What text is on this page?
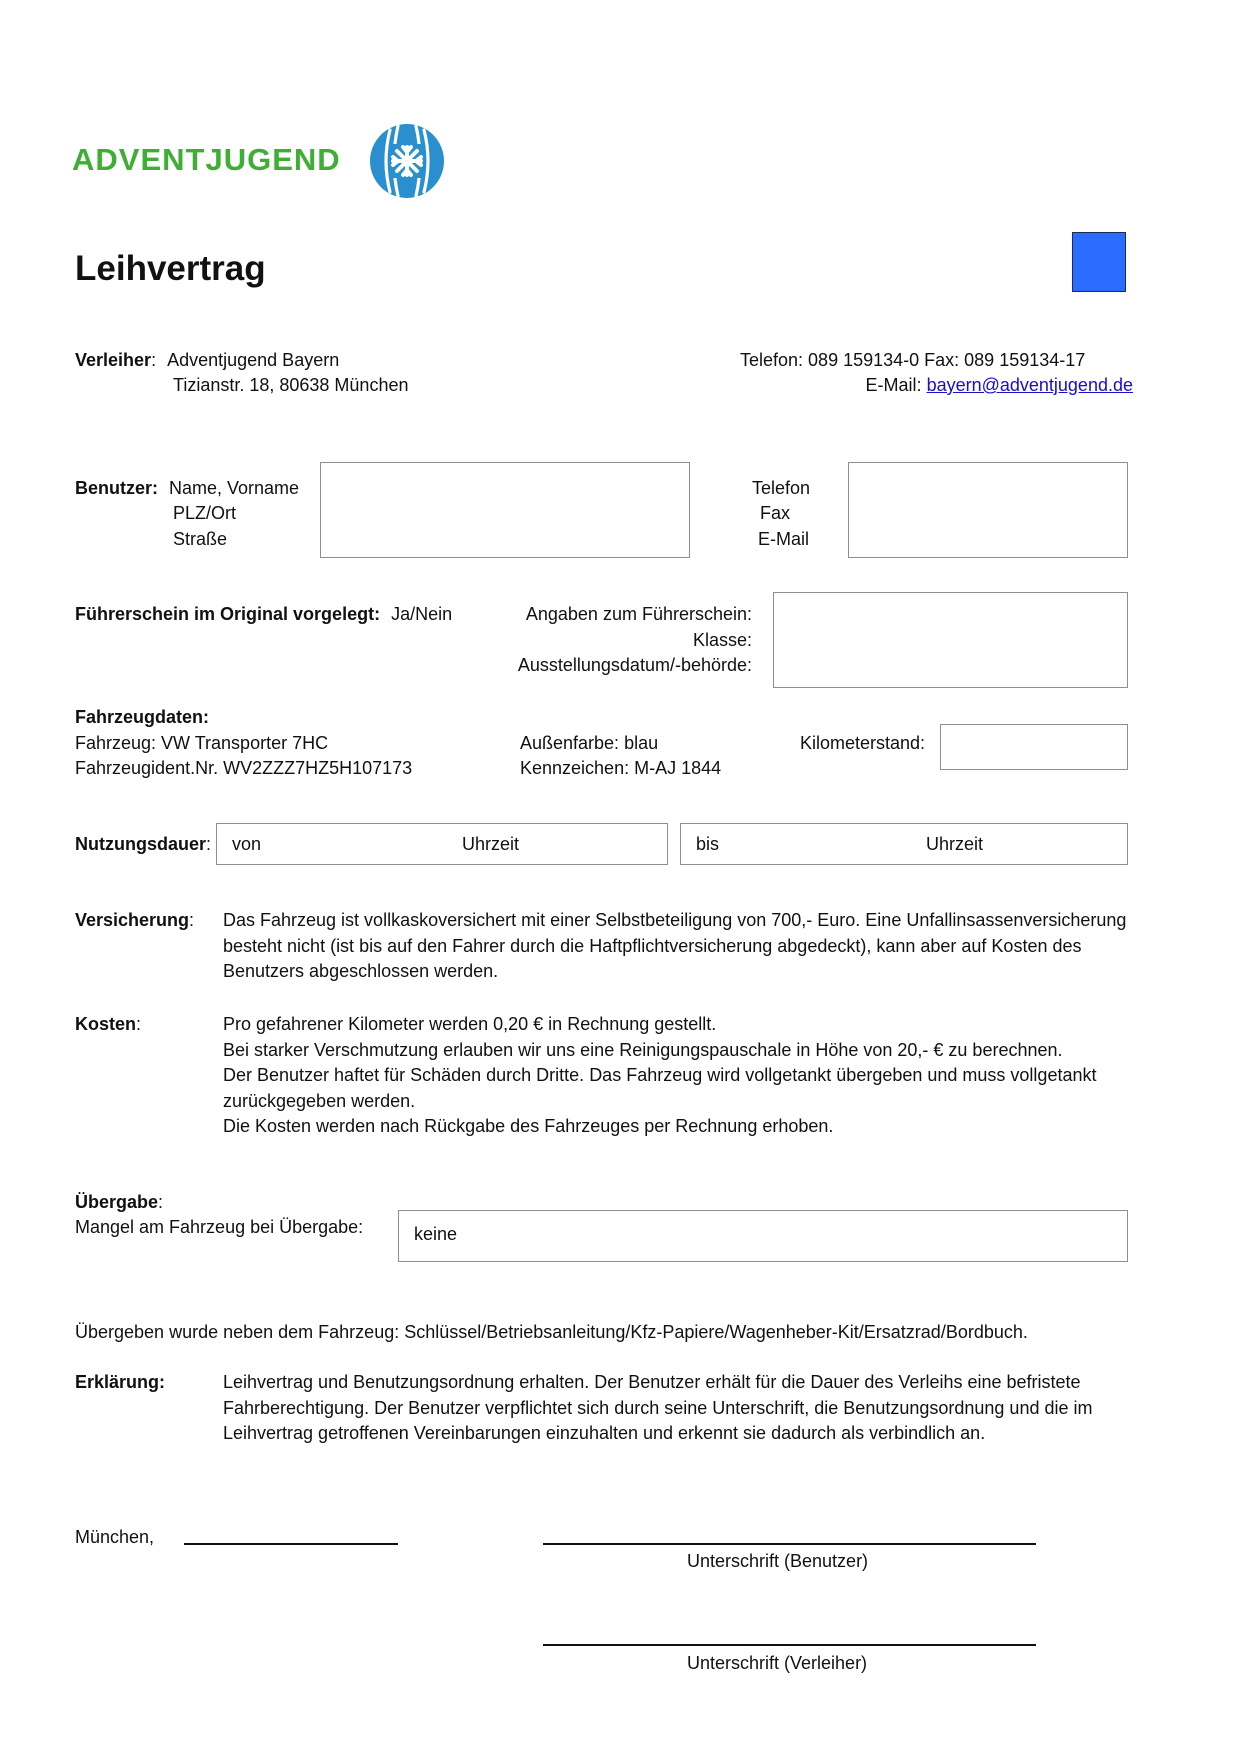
ADVENTJUGEND
Leihvertrag
Verleiher: Adventjugend Bayern
Tizianstr. 18, 80638 München
Telefon: 089 159134-0 Fax: 089 159134-17
E-Mail: bayern@adventjugend.de
Benutzer: Name, Vorname
PLZ/Ort
Straße
Telefon
Fax
E-Mail
Führerschein im Original vorgelegt: Ja/Nein	Angaben zum Führerschein:
Klasse:
Ausstellungsdatum/-behörde:
Fahrzeugdaten:
Fahrzeug: VW Transporter 7HC
Fahrzeugident.Nr. WV2ZZZ7HZ5H107173
Außenfarbe: blau
Kennzeichen: M-AJ 1844
Kilometerstand:
Nutzungsdauer: von	Uhrzeit	bis	Uhrzeit
Versicherung: Das Fahrzeug ist vollkaskoversichert mit einer Selbstbeteiligung von 700,- Euro. Eine Unfallinsassenversicherung besteht nicht (ist bis auf den Fahrer durch die Haftpflichtversicherung abgedeckt), kann aber auf Kosten des Benutzers abgeschlossen werden.
Kosten:	Pro gefahrener Kilometer werden 0,20 € in Rechnung gestellt.
Bei starker Verschmutzung erlauben wir uns eine Reinigungspauschale in Höhe von 20,- € zu berechnen.
Der Benutzer haftet für Schäden durch Dritte. Das Fahrzeug wird vollgetankt übergeben und muss vollgetankt zurückgegeben werden.
Die Kosten werden nach Rückgabe des Fahrzeuges per Rechnung erhoben.
Übergabe:
Mangel am Fahrzeug bei Übergabe:	keine
Übergeben wurde neben dem Fahrzeug: Schlüssel/Betriebsanleitung/Kfz-Papiere/Wagenheber-Kit/Ersatzrad/Bordbuch.
Erklärung:	Leihvertrag und Benutzungsordnung erhalten. Der Benutzer erhält für die Dauer des Verleihs eine befristete Fahrberechtigung. Der Benutzer verpflichtet sich durch seine Unterschrift, die Benutzungsordnung und die im Leihvertrag getroffenen Vereinbarungen einzuhalten und erkennt sie dadurch als verbindlich an.
München,
Unterschrift (Benutzer)
Unterschrift (Verleiher)
